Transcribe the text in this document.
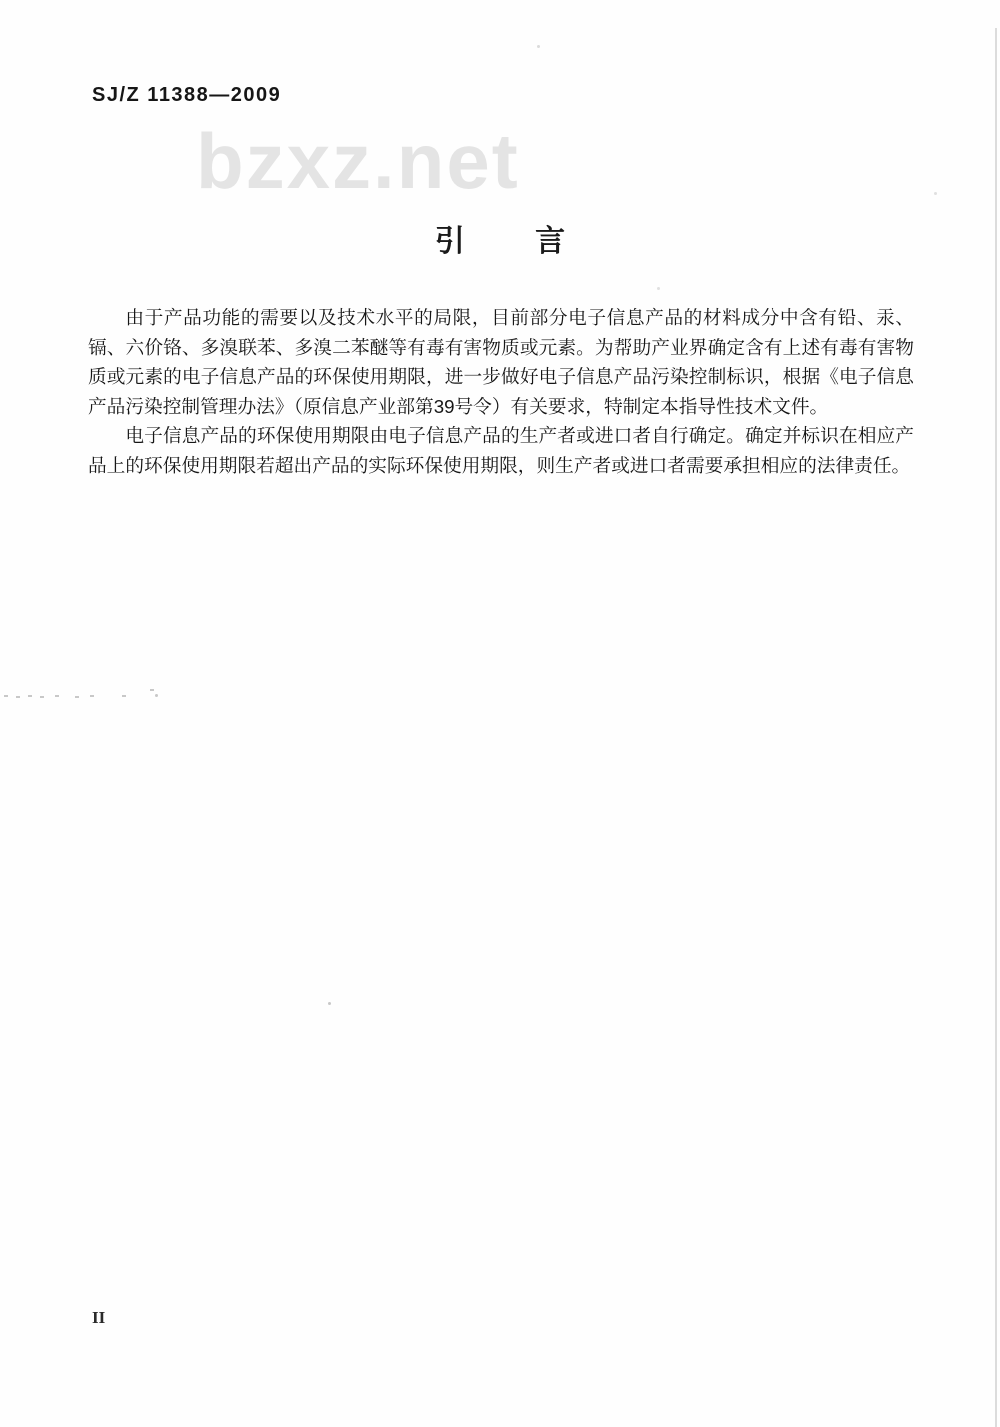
SJ/Z 11388—2009
bzxz.net
引 言

由于产品功能的需要以及技术水平的局限，目前部分电子信息产品的材料成分中含有铅、汞、镉、六价铬、多溴联苯、多溴二苯醚等有毒有害物质或元素。为帮助产业界确定含有上述有毒有害物质或元素的电子信息产品的环保使用期限，进一步做好电子信息产品污染控制标识，根据《电子信息产品污染控制管理办法》（原信息产业部第39号令）有关要求，特制定本指导性技术文件。

电子信息产品的环保使用期限由电子信息产品的生产者或进口者自行确定。确定并标识在相应产品上的环保使用期限若超出产品的实际环保使用期限，则生产者或进口者需要承担相应的法律责任。

II
